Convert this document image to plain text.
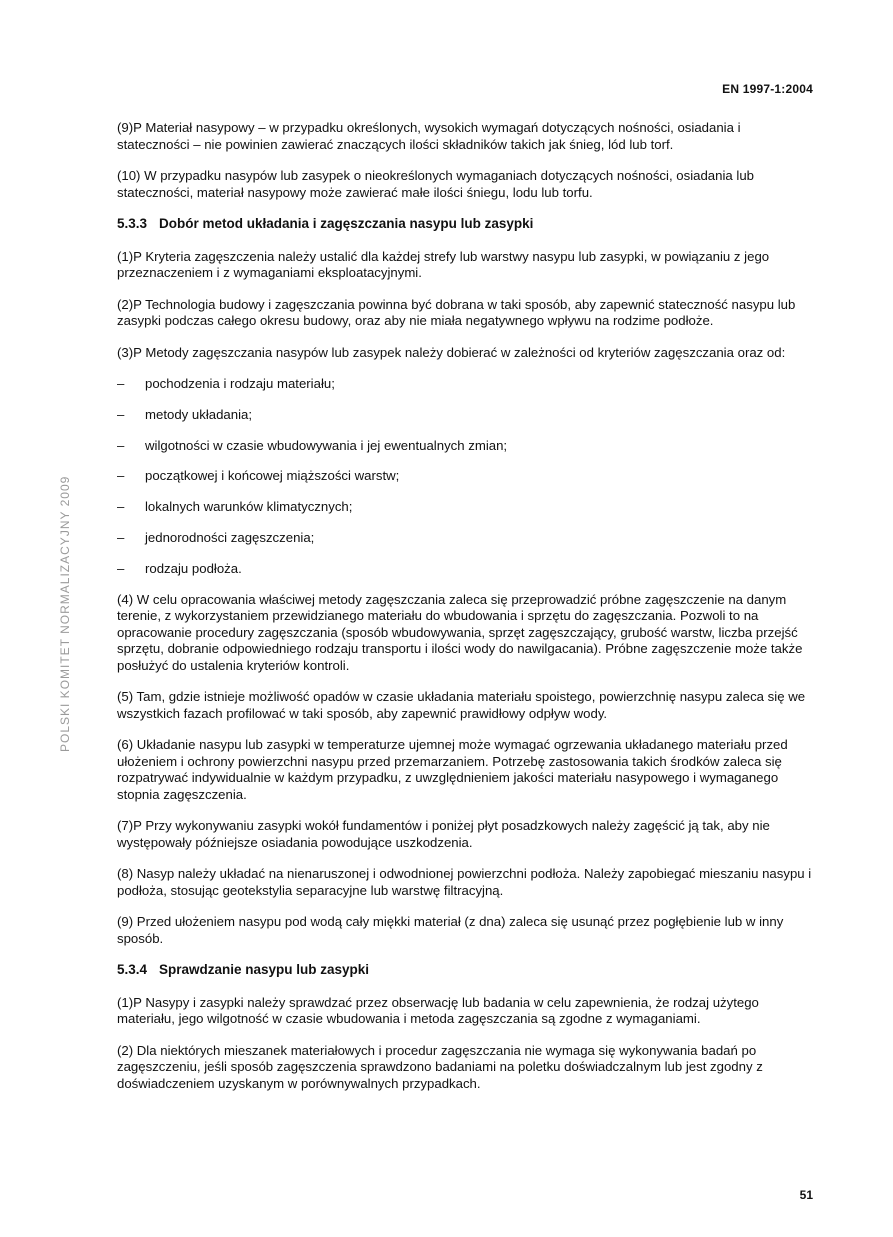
EN 1997-1:2004
POLSKI KOMITET NORMALIZACYJNY 2009

(9)P Materiał nasypowy – w przypadku określonych, wysokich wymagań dotyczących nośności, osiadania i stateczności – nie powinien zawierać znaczących ilości składników takich jak śnieg, lód lub torf.

(10) W przypadku nasypów lub zasypek o nieokreślonych wymaganiach dotyczących nośności, osiadania lub stateczności, materiał nasypowy może zawierać małe ilości śniegu, lodu lub torfu.

5.3.3 Dobór metod układania i zagęszczania nasypu lub zasypki

(1)P Kryteria zagęszczenia należy ustalić dla każdej strefy lub warstwy nasypu lub zasypki, w powiązaniu z jego przeznaczeniem i z wymaganiami eksploatacyjnymi.

(2)P Technologia budowy i zagęszczania powinna być dobrana w taki sposób, aby zapewnić stateczność nasypu lub zasypki podczas całego okresu budowy, oraz aby nie miała negatywnego wpływu na rodzime podłoże.

(3)P Metody zagęszczania nasypów lub zasypek należy dobierać w zależności od kryteriów zagęszczania oraz od:

–	pochodzenia i rodzaju materiału;
–	metody układania;
–	wilgotności w czasie wbudowywania i jej ewentualnych zmian;
–	początkowej i końcowej miąższości warstw;
–	lokalnych warunków klimatycznych;
–	jednorodności zagęszczenia;
–	rodzaju podłoża.

(4) W celu opracowania właściwej metody zagęszczania zaleca się przeprowadzić próbne zagęszczenie na danym terenie, z wykorzystaniem przewidzianego materiału do wbudowania i sprzętu do zagęszczania. Pozwoli to na opracowanie procedury zagęszczania (sposób wbudowywania, sprzęt zagęszczający, grubość warstw, liczba przejść sprzętu, dobranie odpowiedniego rodzaju transportu i ilości wody do nawilgacania). Próbne zagęszczenie może także posłużyć do ustalenia kryteriów kontroli.

(5) Tam, gdzie istnieje możliwość opadów w czasie układania materiału spoistego, powierzchnię nasypu zaleca się we wszystkich fazach profilować w taki sposób, aby zapewnić prawidłowy odpływ wody.

(6) Układanie nasypu lub zasypki w temperaturze ujemnej może wymagać ogrzewania układanego materiału przed ułożeniem i ochrony powierzchni nasypu przed przemarzaniem. Potrzebę zastosowania takich środków zaleca się rozpatrywać indywidualnie w każdym przypadku, z uwzględnieniem jakości materiału nasypowego i wymaganego stopnia zagęszczenia.

(7)P Przy wykonywaniu zasypki wokół fundamentów i poniżej płyt posadzkowych należy zagęścić ją tak, aby nie występowały późniejsze osiadania powodujące uszkodzenia.

(8) Nasyp należy układać na nienaruszonej i odwodnionej powierzchni podłoża. Należy zapobiegać mieszaniu nasypu i podłoża, stosując geotekstylia separacyjne lub warstwę filtracyjną.

(9) Przed ułożeniem nasypu pod wodą cały miękki materiał (z dna) zaleca się usunąć przez pogłębienie lub w inny sposób.

5.3.4 Sprawdzanie nasypu lub zasypki

(1)P Nasypy i zasypki należy sprawdzać przez obserwację lub badania w celu zapewnienia, że rodzaj użytego materiału, jego wilgotność w czasie wbudowania i metoda zagęszczania są zgodne z wymaganiami.

(2) Dla niektórych mieszanek materiałowych i procedur zagęszczania nie wymaga się wykonywania badań po zagęszczeniu, jeśli sposób zagęszczenia sprawdzono badaniami na poletku doświadczalnym lub jest zgodny z doświadczeniem uzyskanym w porównywalnych przypadkach.

51
